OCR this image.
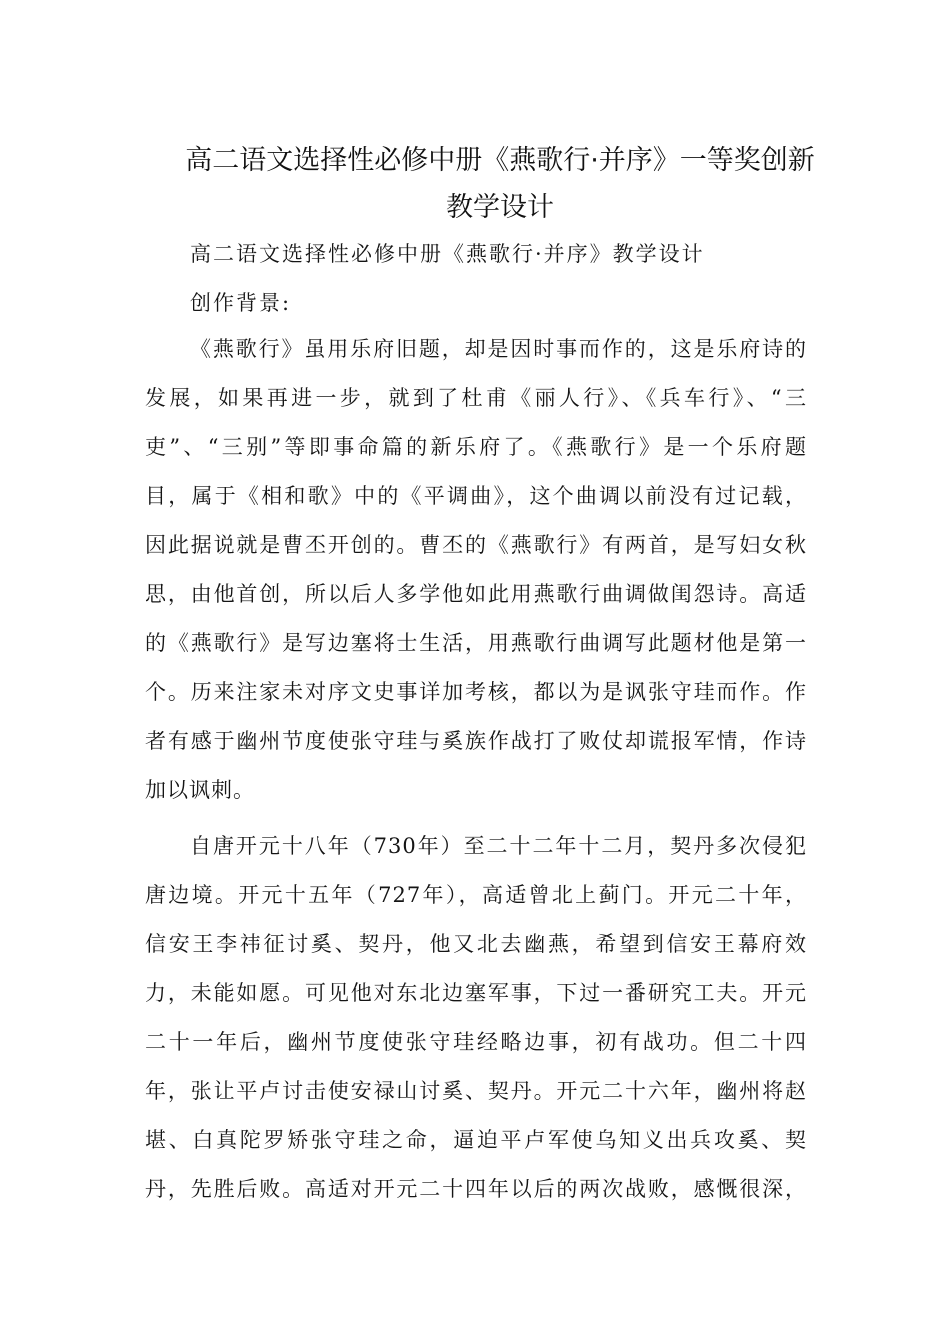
高二语文选择性必修中册《燕歌行·并序》一等奖创新
教学设计
高二语文选择性必修中册《燕歌行·并序》教学设计
创作背景:
《燕歌行》虽用乐府旧题，却是因时事而作的，这是乐府诗的
发展，如果再进一步，就到了杜甫《丽人行》、《兵车行》、“三
吏”、“三别”等即事命篇的新乐府了。《燕歌行》是一个乐府题
目，属于《相和歌》中的《平调曲》，这个曲调以前没有过记载，
因此据说就是曹丕开创的。曹丕的《燕歌行》有两首，是写妇女秋
思，由他首创，所以后人多学他如此用燕歌行曲调做闺怨诗。高适
的《燕歌行》是写边塞将士生活，用燕歌行曲调写此题材他是第一
个。历来注家未对序文史事详加考核，都以为是讽张守珪而作。作
者有感于幽州节度使张守珪与奚族作战打了败仗却谎报军情，作诗
加以讽刺。
自唐开元十八年（730年）至二十二年十二月，契丹多次侵犯
唐边境。开元十五年（727年），高适曾北上蓟门。开元二十年，
信安王李祎征讨奚、契丹，他又北去幽燕，希望到信安王幕府效
力，未能如愿。可见他对东北边塞军事，下过一番研究工夫。开元
二十一年后，幽州节度使张守珪经略边事，初有战功。但二十四
年，张让平卢讨击使安禄山讨奚、契丹。开元二十六年，幽州将赵
堪、白真陀罗矫张守珪之命，逼迫平卢军使乌知义出兵攻奚、契
丹，先胜后败。高适对开元二十四年以后的两次战败，感慨很深，
